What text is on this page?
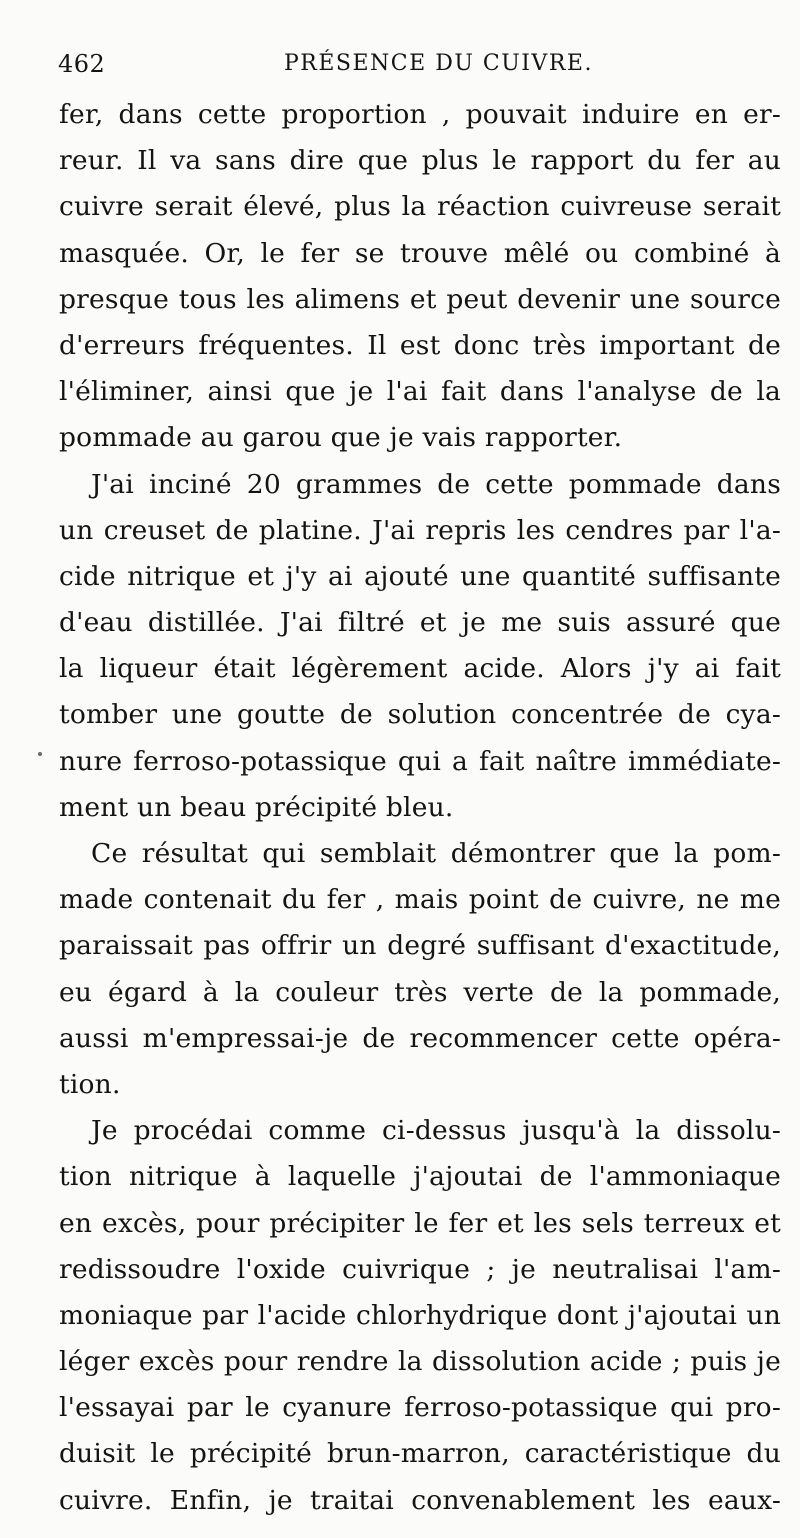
462	PRÉSENCE DU CUIVRE.
fer, dans cette proportion , pouvait induire en er-
reur. Il va sans dire que plus le rapport du fer au
cuivre serait élevé, plus la réaction cuivreuse serait
masquée. Or, le fer se trouve mêlé ou combiné à
presque tous les alimens et peut devenir une source
d'erreurs fréquentes. Il est donc très important de
l'éliminer, ainsi que je l'ai fait dans l'analyse de la
pommade au garou que je vais rapporter.
J'ai inciné 20 grammes de cette pommade dans
un creuset de platine. J'ai repris les cendres par l'a-
cide nitrique et j'y ai ajouté une quantité suffisante
d'eau distillée. J'ai filtré et je me suis assuré que
la liqueur était légèrement acide. Alors j'y ai fait
tomber une goutte de solution concentrée de cya-
nure ferroso-potassique qui a fait naître immédiate-
ment un beau précipité bleu.
Ce résultat qui semblait démontrer que la pom-
made contenait du fer , mais point de cuivre, ne me
paraissait pas offrir un degré suffisant d'exactitude,
eu égard à la couleur très verte de la pommade,
aussi m'empressai-je de recommencer cette opéra-
tion.
Je procédai comme ci-dessus jusqu'à la dissolu-
tion nitrique à laquelle j'ajoutai de l'ammoniaque
en excès, pour précipiter le fer et les sels terreux et
redissoudre l'oxide cuivrique ; je neutralisai l'am-
moniaque par l'acide chlorhydrique dont j'ajoutai un
léger excès pour rendre la dissolution acide ; puis je
l'essayai par le cyanure ferroso-potassique qui pro-
duisit le précipité brun-marron, caractéristique du
cuivre. Enfin, je traitai convenablement les eaux-
